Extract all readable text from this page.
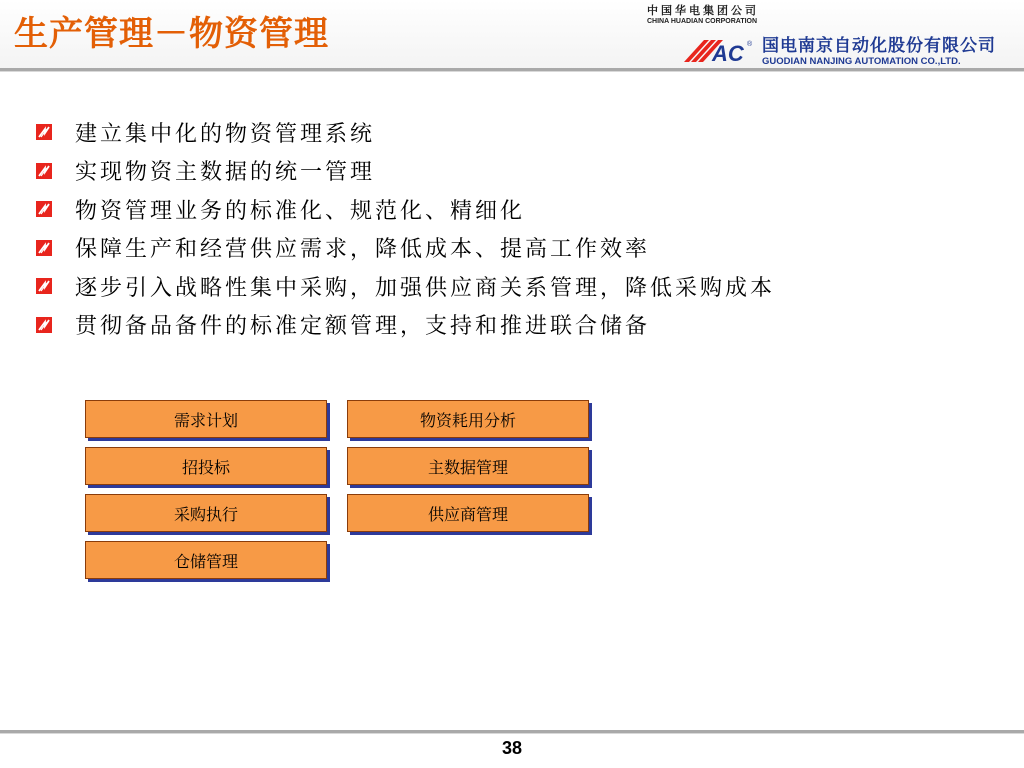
生产管理－物资管理
中国华电集团公司
CHINA HUADIAN CORPORATION
AC ® 国电南京自动化股份有限公司
GUODIAN NANJING AUTOMATION CO.,LTD.
建立集中化的物资管理系统
实现物资主数据的统一管理
物资管理业务的标准化、规范化、精细化
保障生产和经营供应需求，降低成本、提高工作效率
逐步引入战略性集中采购，加强供应商关系管理，降低采购成本
贯彻备品备件的标准定额管理，支持和推进联合储备
需求计划
招投标
采购执行
仓储管理
物资耗用分析
主数据管理
供应商管理
38
